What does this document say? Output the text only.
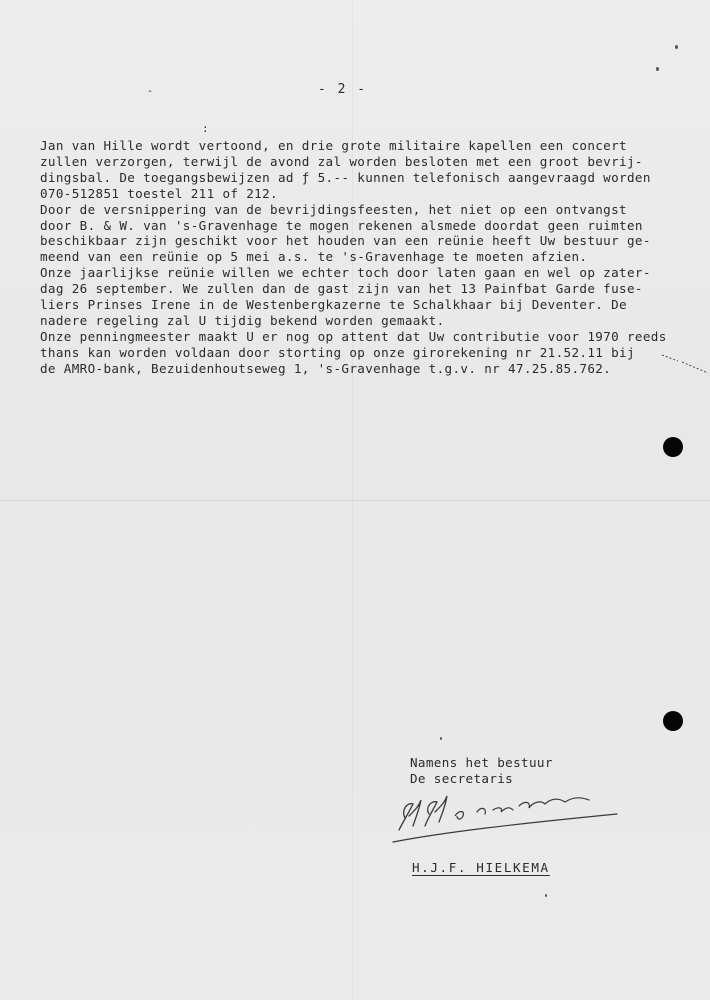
-	- 2 -
:
Jan van Hille wordt vertoond, en drie grote militaire kapellen een concert
zullen verzorgen, terwijl de avond zal worden besloten met een groot bevrij-
dingsbal. De toegangsbewijzen ad ƒ 5.-- kunnen telefonisch aangevraagd worden
070-512851 toestel 211 of 212.
Door de versnippering van de bevrijdingsfeesten, het niet op een ontvangst
door B. & W. van 's-Gravenhage te mogen rekenen alsmede doordat geen ruimten
beschikbaar zijn geschikt voor het houden van een reünie heeft Uw bestuur ge-
meend van een reünie op 5 mei a.s. te 's-Gravenhage te moeten afzien.
Onze jaarlijkse reünie willen we echter toch door laten gaan en wel op zater-
dag 26 september. We zullen dan de gast zijn van het 13 Painfbat Garde fuse-
liers Prinses Irene in de Westenbergkazerne te Schalkhaar bij Deventer. De
nadere regeling zal U tijdig bekend worden gemaakt.
Onze penningmeester maakt U er nog op attent dat Uw contributie voor 1970 reeds
thans kan worden voldaan door storting op onze girorekening nr 21.52.11 bij
de AMRO-bank, Bezuidenhoutseweg 1, 's-Gravenhage t.g.v. nr 47.25.85.762.
Namens het bestuur
De secretaris
H.J.F. HIELKEMA
